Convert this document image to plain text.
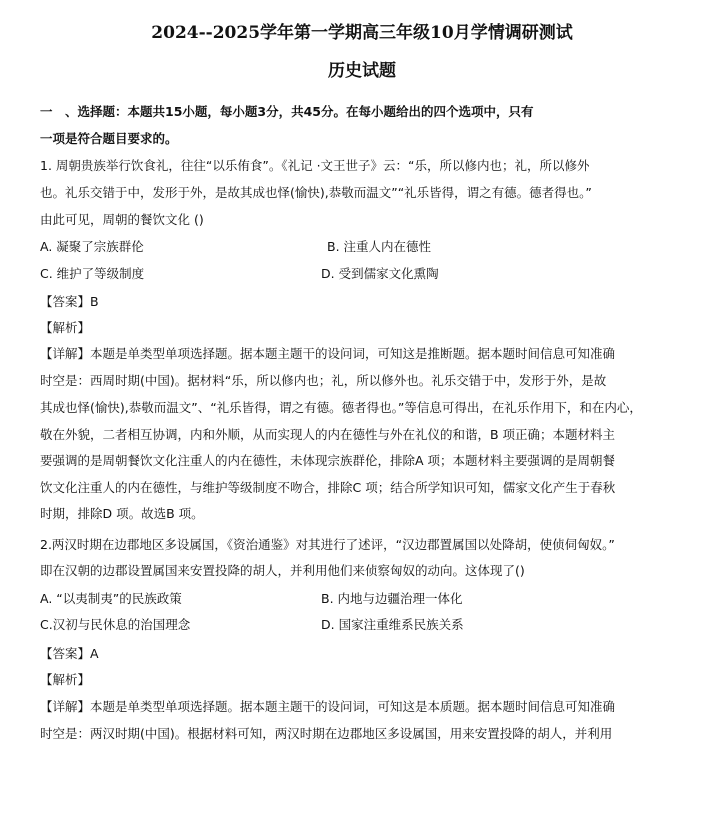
2024--2025学年第一学期高三年级10月学情调研测试
历史试题
一　、选择题：本题共15小题，每小题3分，共45分。在每小题给出的四个选项中，只有
一项是符合题目要求的。
1. 周朝贵族举行饮食礼，往往“以乐侑食”。《礼记 ·文王世子》云：“乐，所以修内也；礼，所以修外
也。礼乐交错于中，发形于外，是故其成也怿(愉快),恭敬而温文”“礼乐皆得，谓之有德。德者得也。”
由此可见，周朝的餐饮文化 ()
A. 凝聚了宗族群伦	B. 注重人内在德性
C. 维护了等级制度	D. 受到儒家文化熏陶
【答案】B
【解析】
【详解】本题是单类型单项选择题。据本题主题干的设问词，可知这是推断题。据本题时间信息可知准确
时空是：西周时期(中国)。据材料“乐，所以修内也；礼，所以修外也。礼乐交错于中，发形于外，是故
其成也怿(愉快),恭敬而温文”、“礼乐皆得，谓之有德。德者得也。”等信息可得出，在礼乐作用下，和在内心，
敬在外貌，二者相互协调，内和外顺，从而实现人的内在德性与外在礼仪的和谐，B 项正确；本题材料主
要强调的是周朝餐饮文化注重人的内在德性，未体现宗族群伦，排除A 项；本题材料主要强调的是周朝餐
饮文化注重人的内在德性，与维护等级制度不吻合，排除C 项；结合所学知识可知，儒家文化产生于春秋
时期，排除D 项。故选B 项。
2.两汉时期在边郡地区多设属国，《资治通鉴》对其进行了述评，“汉边郡置属国以处降胡，使侦伺匈奴。”
即在汉朝的边郡设置属国来安置投降的胡人，并利用他们来侦察匈奴的动向。这体现了()
A. “以夷制夷”的民族政策	B. 内地与边疆治理一体化
C.汉初与民休息的治国理念	D. 国家注重维系民族关系
【答案】A
【解析】
【详解】本题是单类型单项选择题。据本题主题干的设问词，可知这是本质题。据本题时间信息可知准确
时空是：两汉时期(中国)。根据材料可知，两汉时期在边郡地区多设属国，用来安置投降的胡人，并利用
